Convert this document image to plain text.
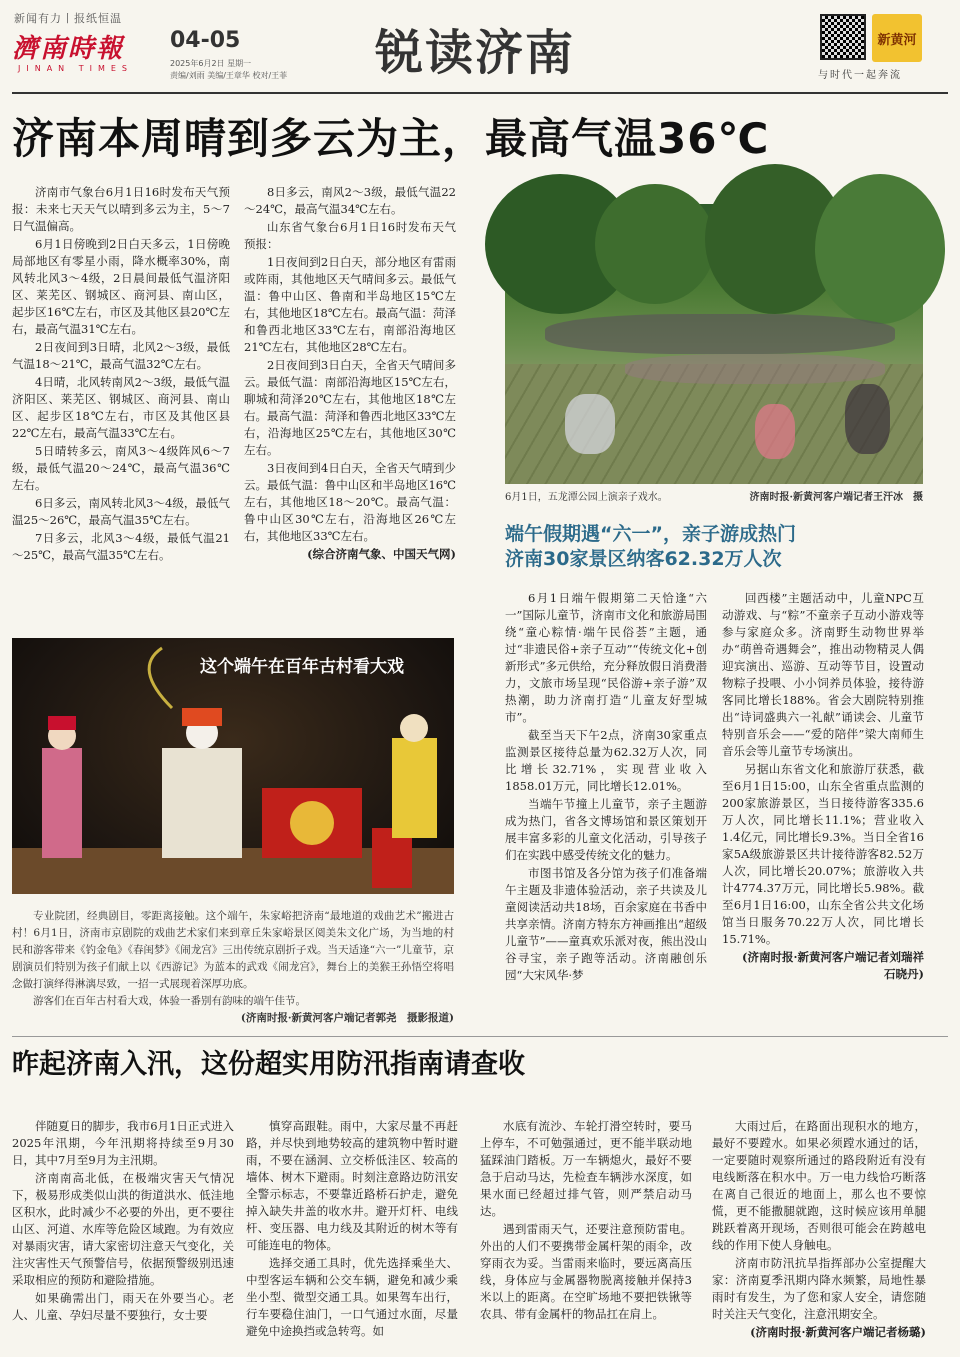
新闻有力丨报纸恒温
濟南時報
JINAN TIMES
04-05
2025年6月2日 星期一
责编/刘雨 美编/王章华 校对/王菲 锐读济南	新黄河
与时代一起奔流
济南本周晴到多云为主，最高气温36℃

济南市气象台6月1日16时发布天气预报：未来七天天气以晴到多云为主，5～7日气温偏高。

6月1日傍晚到2日白天多云，1日傍晚局部地区有零星小雨，降水概率30%，南风转北风3～4级，2日晨间最低气温济阳区、莱芜区、钢城区、商河县、南山区，起步区16℃左右，市区及其他区县20℃左右，最高气温31℃左右。

2日夜间到3日晴，北风2～3级，最低气温18～21℃，最高气温32℃左右。

4日晴，北风转南风2～3级，最低气温济阳区、莱芜区、钢城区、商河县、南山区、起步区18℃左右，市区及其他区县22℃左右，最高气温33℃左右。

5日晴转多云，南风3～4级阵风6～7级，最低气温20～24℃，最高气温36℃左右。

6日多云，南风转北风3～4级，最低气温25～26℃，最高气温35℃左右。

7日多云，北风3～4级，最低气温21～25℃，最高气温35℃左右。

8日多云，南风2～3级，最低气温22～24℃，最高气温34℃左右。

山东省气象台6月1日16时发布天气预报：

1日夜间到2日白天，部分地区有雷雨或阵雨，其他地区天气晴间多云。最低气温：鲁中山区、鲁南和半岛地区15℃左右，其他地区18℃左右。最高气温：菏泽和鲁西北地区33℃左右，南部沿海地区21℃左右，其他地区28℃左右。

2日夜间到3日白天，全省天气晴间多云。最低气温：南部沿海地区15℃左右，聊城和菏泽20℃左右，其他地区18℃左右。最高气温：菏泽和鲁西北地区33℃左右，沿海地区25℃左右，其他地区30℃左右。

3日夜间到4日白天，全省天气晴到少云。最低气温：鲁中山区和半岛地区16℃左右，其他地区18～20℃。最高气温：鲁中山区30℃左右，沿海地区26℃左右，其他地区33℃左右。

(综合济南气象、中国天气网)

6月1日，五龙潭公园上演亲子戏水。	济南时报·新黄河客户端记者王汗冰　摄
端午假期遇“六一”，亲子游成热门
济南30家景区纳客62.32万人次

6月1日端午假期第二天恰逢“六一”国际儿童节，济南市文化和旅游局围绕“童心粽情·端午民俗荟”主题，通过“非遗民俗+亲子互动”“传统文化+创新形式”多元供给，充分释放假日消费潜力，文旅市场呈现“民俗游+亲子游”双热潮，助力济南打造“儿童友好型城市”。

截至当天下午2点，济南30家重点监测景区接待总量为62.32万人次，同比增长32.71%，实现营业收入1858.01万元，同比增长12.01%。

当端午节撞上儿童节，亲子主题游成为热门，省各文博场馆和景区策划开展丰富多彩的儿童文化活动，引导孩子们在实践中感受传统文化的魅力。

市图书馆及各分馆为孩子们准备端午主题及非遗体验活动，亲子共读及儿童阅读活动共18场，百余家庭在书香中共享亲情。济南方特东方神画推出“超级儿童节”——童真欢乐派对夜，熊出没山谷寻宝，亲子跑等活动。济南融创乐园“大宋风华·梦

回西楼”主题活动中，儿童NPC互动游戏、与“粽”不童亲子互动小游戏等参与家庭众多。济南野生动物世界举办“萌兽奇遇舞会”，推出动物精灵人偶迎宾演出、巡游、互动等节目，设置动物粽子投喂、小小饲养员体验，接待游客同比增长188%。省会大剧院特别推出“诗词盛典六一礼献”诵读会、儿童节特别音乐会——“爱的陪伴”梁大南师生音乐会等儿童节专场演出。

另据山东省文化和旅游厅获悉，截至6月1日15:00，山东全省重点监测的200家旅游景区，当日接待游客335.6万人次，同比增长11.1%；营业收入1.4亿元，同比增长9.3%。当日全省16家5A级旅游景区共计接待游客82.52万人次，同比增长20.07%；旅游收入共计4774.37万元，同比增长5.98%。截至6月1日16:00，山东全省公共文化场馆当日服务70.22万人次，同比增长15.71%。

(济南时报·新黄河客户端记者刘瑞祥　石晓丹)

这个端午在百年古村看大戏

专业院团，经典剧目，零距离接触。这个端午，朱家峪把济南“最地道的戏曲艺术”搬进古村！6月1日，济南市京剧院的戏曲艺术家们来到章丘朱家峪景区阅美朱文化广场，为当地的村民和游客带来《钓金龟》《春闺梦》《闹龙宫》三出传统京剧折子戏。当天适逢“六一”儿童节，京剧演员们特别为孩子们献上以《西游记》为蓝本的武戏《闹龙宫》，舞台上的美猴王孙悟空将唱念做打演绎得淋漓尽致，一招一式展现着深厚功底。

游客们在百年古村看大戏，体验一番别有韵味的端午佳节。

(济南时报·新黄河客户端记者郭尧　摄影报道)

昨起济南入汛，这份超实用防汛指南请查收

伴随夏日的脚步，我市6月1日正式进入2025年汛期，今年汛期将持续至9月30日，其中7月至9月为主汛期。

济南南高北低，在极端灾害天气情况下，极易形成类似山洪的街道洪水、低洼地区积水，此时减少不必要的外出，更不要往山区、河道、水库等危险区域跑。为有效应对暴雨灾害，请大家密切注意天气变化，关注灾害性天气预警信号，依据预警级别迅速采取相应的预防和避险措施。

如果确需出门，雨天在外要当心。老人、儿童、孕妇尽量不要独行，女士要

慎穿高跟鞋。雨中，大家尽量不再赶路，并尽快到地势较高的建筑物中暂时避雨，不要在涵洞、立交桥低洼区、较高的墙体、树木下避雨。时刻注意路边防汛安全警示标志，不要靠近路桥石护走，避免掉入缺失井盖的收水井。避开灯杆、电线杆、变压器、电力线及其附近的树木等有可能连电的物体。

选择交通工具时，优先选择乘坐大、中型客运车辆和公交车辆，避免和减少乘坐小型、微型交通工具。如果驾车出行，行车要稳住油门，一口气通过水面，尽量避免中途换挡或急转弯。如

水底有流沙、车轮打滑空转时，要马上停车，不可勉强通过，更不能半联动地猛踩油门踏板。万一车辆熄火，最好不要急于启动马达，先检查车辆涉水深度，如果水面已经超过排气管，则严禁启动马达。

遇到雷雨天气，还要注意预防雷电。外出的人们不要携带金属杆架的雨伞，改穿雨衣为妥。当雷雨来临时，要远离高压线，身体应与金属器物脱离接触并保持3米以上的距离。在空旷场地不要把铁锹等农具、带有金属杆的物品扛在肩上。

大雨过后，在路面出现积水的地方，最好不要蹚水。如果必须蹚水通过的话，一定要随时观察所通过的路段附近有没有电线断落在积水中。万一电力线恰巧断落在离自己很近的地面上，那么也不要惊慌，更不能撒腿就跑，这时候应该用单腿跳跃着离开现场，否则很可能会在跨越电线的作用下使人身触电。

济南市防汛抗旱指挥部办公室提醒大家：济南夏季汛期内降水频繁，局地性暴雨时有发生，为了您和家人安全，请您随时关注天气变化，注意汛期安全。

(济南时报·新黄河客户端记者杨璐)
